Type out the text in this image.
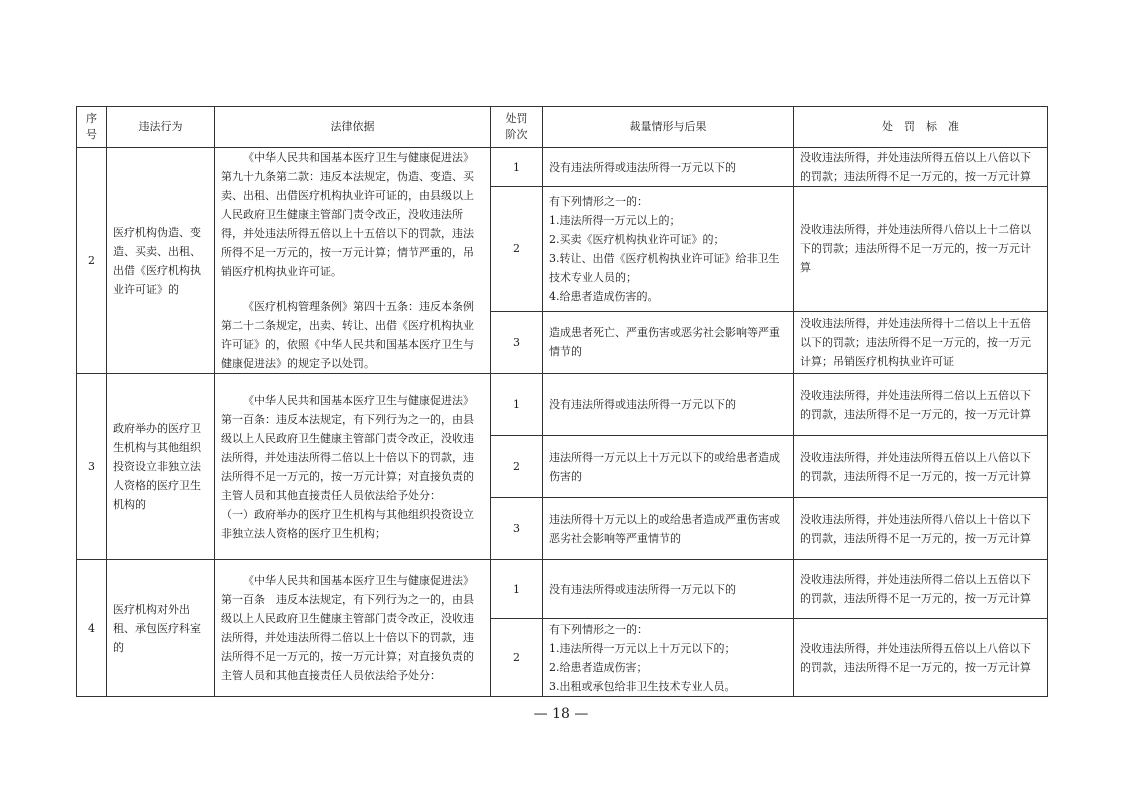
序
号	违法行为	法律依据	处罚
阶次	裁量情形与后果	处　罚　标　准
2	医疗机构伪造、变造、买卖、出租、出借《医疗机构执业许可证》的	《中华人民共和国基本医疗卫生与健康促进法》第九十九条第二款：违反本法规定，伪造、变造、买卖、出租、出借医疗机构执业许可证的，由县级以上人民政府卫生健康主管部门责令改正，没收违法所得，并处违法所得五倍以上十五倍以下的罚款，违法所得不足一万元的，按一万元计算；情节严重的，吊销医疗机构执业许可证。

《医疗机构管理条例》第四十五条：违反本条例第二十二条规定，出卖、转让、出借《医疗机构执业许可证》的，依照《中华人民共和国基本医疗卫生与健康促进法》的规定予以处罚。	1	没有违法所得或违法所得一万元以下的	没收违法所得，并处违法所得五倍以上八倍以下的罚款；违法所得不足一万元的，按一万元计算
			2	有下列情形之一的：
1.违法所得一万元以上的；
2.买卖《医疗机构执业许可证》的；
3.转让、出借《医疗机构执业许可证》给非卫生技术专业人员的；
4.给患者造成伤害的。	没收违法所得，并处违法所得八倍以上十二倍以下的罚款；违法所得不足一万元的，按一万元计算
			3	造成患者死亡、严重伤害或恶劣社会影响等严重情节的	没收违法所得，并处违法所得十二倍以上十五倍以下的罚款；违法所得不足一万元的，按一万元计算；吊销医疗机构执业许可证
3	政府举办的医疗卫生机构与其他组织投资设立非独立法人资格的医疗卫生机构的	《中华人民共和国基本医疗卫生与健康促进法》第一百条：违反本法规定，有下列行为之一的，由县级以上人民政府卫生健康主管部门责令改正，没收违法所得，并处违法所得二倍以上十倍以下的罚款，违法所得不足一万元的，按一万元计算；对直接负责的主管人员和其他直接责任人员依法给予处分：

（一）政府举办的医疗卫生机构与其他组织投资设立非独立法人资格的医疗卫生机构；	1	没有违法所得或违法所得一万元以下的	没收违法所得，并处违法所得二倍以上五倍以下的罚款，违法所得不足一万元的，按一万元计算
			2	违法所得一万元以上十万元以下的或给患者造成伤害的	没收违法所得，并处违法所得五倍以上八倍以下的罚款，违法所得不足一万元的，按一万元计算
			3	违法所得十万元以上的或给患者造成严重伤害或恶劣社会影响等严重情节的	没收违法所得，并处违法所得八倍以上十倍以下的罚款，违法所得不足一万元的，按一万元计算
4	医疗机构对外出租、承包医疗科室的	《中华人民共和国基本医疗卫生与健康促进法》第一百条　违反本法规定，有下列行为之一的，由县级以上人民政府卫生健康主管部门责令改正，没收违法所得，并处违法所得二倍以上十倍以下的罚款，违法所得不足一万元的，按一万元计算；对直接负责的主管人员和其他直接责任人员依法给予处分：	1	没有违法所得或违法所得一万元以下的	没收违法所得，并处违法所得二倍以上五倍以下的罚款，违法所得不足一万元的，按一万元计算
			2	有下列情形之一的：
1.违法所得一万元以上十万元以下的；
2.给患者造成伤害；
3.出租或承包给非卫生技术专业人员。	没收违法所得，并处违法所得五倍以上八倍以下的罚款，违法所得不足一万元的，按一万元计算
— 18 —
